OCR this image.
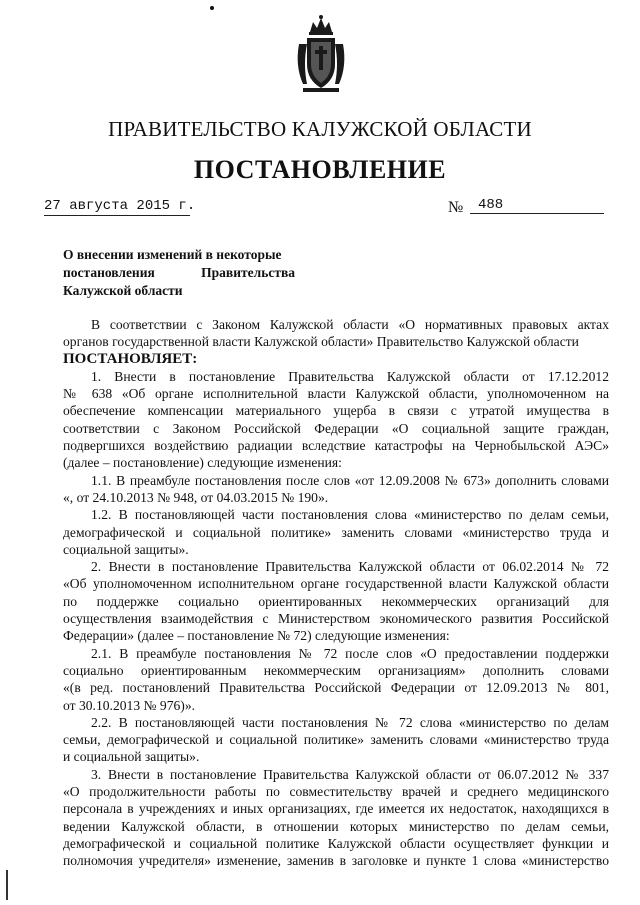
ПРАВИТЕЛЬСТВО КАЛУЖСКОЙ ОБЛАСТИ
ПОСТАНОВЛЕНИЕ
27 августа 2015 г.	№ 488
О внесении изменений в некоторые
постановления	Правительства
Калужской области

В соответствии с Законом Калужской области «О нормативных правовых актах

органов государственной власти Калужской области» Правительство Калужской области

ПОСТАНОВЛЯЕТ:

1. Внести в постановление Правительства Калужской области от 17.12.2012

№ 638 «Об органе исполнительной власти Калужской области, уполномоченном на

обеспечение компенсации материального ущерба в связи с утратой имущества в

соответствии с Законом Российской Федерации «О социальной защите граждан,

подвергшихся воздействию радиации вследствие катастрофы на Чернобыльской АЭС»

(далее – постановление) следующие изменения:

1.1. В преамбуле постановления после слов «от 12.09.2008 № 673» дополнить словами

«, от 24.10.2013 № 948, от 04.03.2015 № 190».

1.2. В постановляющей части постановления слова «министерство по делам семьи,

демографической и социальной политике» заменить словами «министерство труда и

социальной защиты».

2. Внести в постановление Правительства Калужской области от 06.02.2014 № 72

«Об уполномоченном исполнительном органе государственной власти Калужской области

по поддержке социально ориентированных некоммерческих организаций для

осуществления взаимодействия с Министерством экономического развития Российской

Федерации» (далее – постановление № 72) следующие изменения:

2.1. В преамбуле постановления № 72 после слов «О предоставлении поддержки

социально ориентированным некоммерческим организациям» дополнить словами

«(в ред. постановлений Правительства Российской Федерации от 12.09.2013 № 801,

от 30.10.2013 № 976)».

2.2. В постановляющей части постановления № 72 слова «министерство по делам

семьи, демографической и социальной политике» заменить словами «министерство труда

и социальной защиты».

3. Внести в постановление Правительства Калужской области от 06.07.2012 № 337

«О продолжительности работы по совместительству врачей и среднего медицинского

персонала в учреждениях и иных организациях, где имеется их недостаток, находящихся в

ведении Калужской области, в отношении которых министерство по делам семьи,

демографической и социальной политике Калужской области осуществляет функции и

полномочия учредителя» изменение, заменив в заголовке и пункте 1 слова «министерство
